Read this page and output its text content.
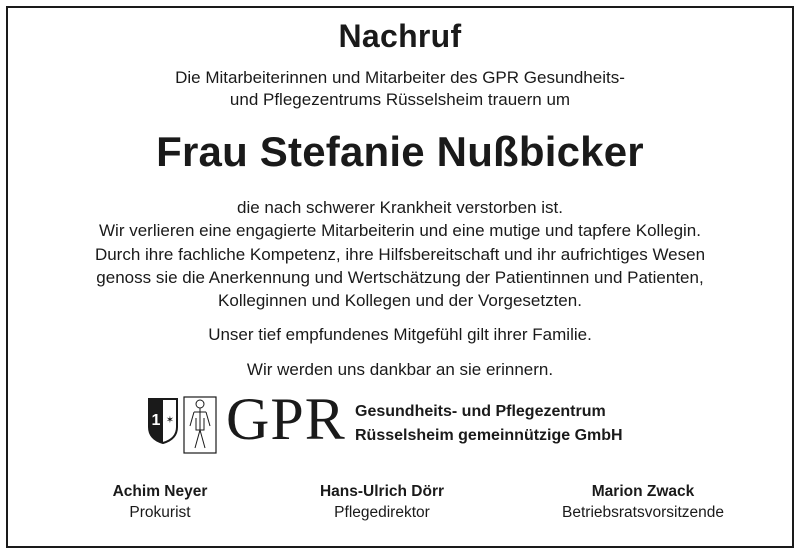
Nachruf
Die Mitarbeiterinnen und Mitarbeiter des GPR Gesundheits-
und Pflegezentrums Rüsselsheim trauern um
Frau Stefanie Nußbicker
die nach schwerer Krankheit verstorben ist.
Wir verlieren eine engagierte Mitarbeiterin und eine mutige und tapfere Kollegin.
Durch ihre fachliche Kompetenz, ihre Hilfsbereitschaft und ihr aufrichtiges Wesen
genoss sie die Anerkennung und Wertschätzung der Patientinnen und Patienten,
Kolleginnen und Kollegen und der Vorgesetzten.
Unser tief empfundenes Mitgefühl gilt ihrer Familie.
Wir werden uns dankbar an sie erinnern.
1 ✶ GPR Gesundheits- und Pflegezentrum
Rüsselsheim gemeinnützige GmbH
Achim Neyer
Prokurist
Hans-Ulrich Dörr
Pflegedirektor
Marion Zwack
Betriebsratsvorsitzende
